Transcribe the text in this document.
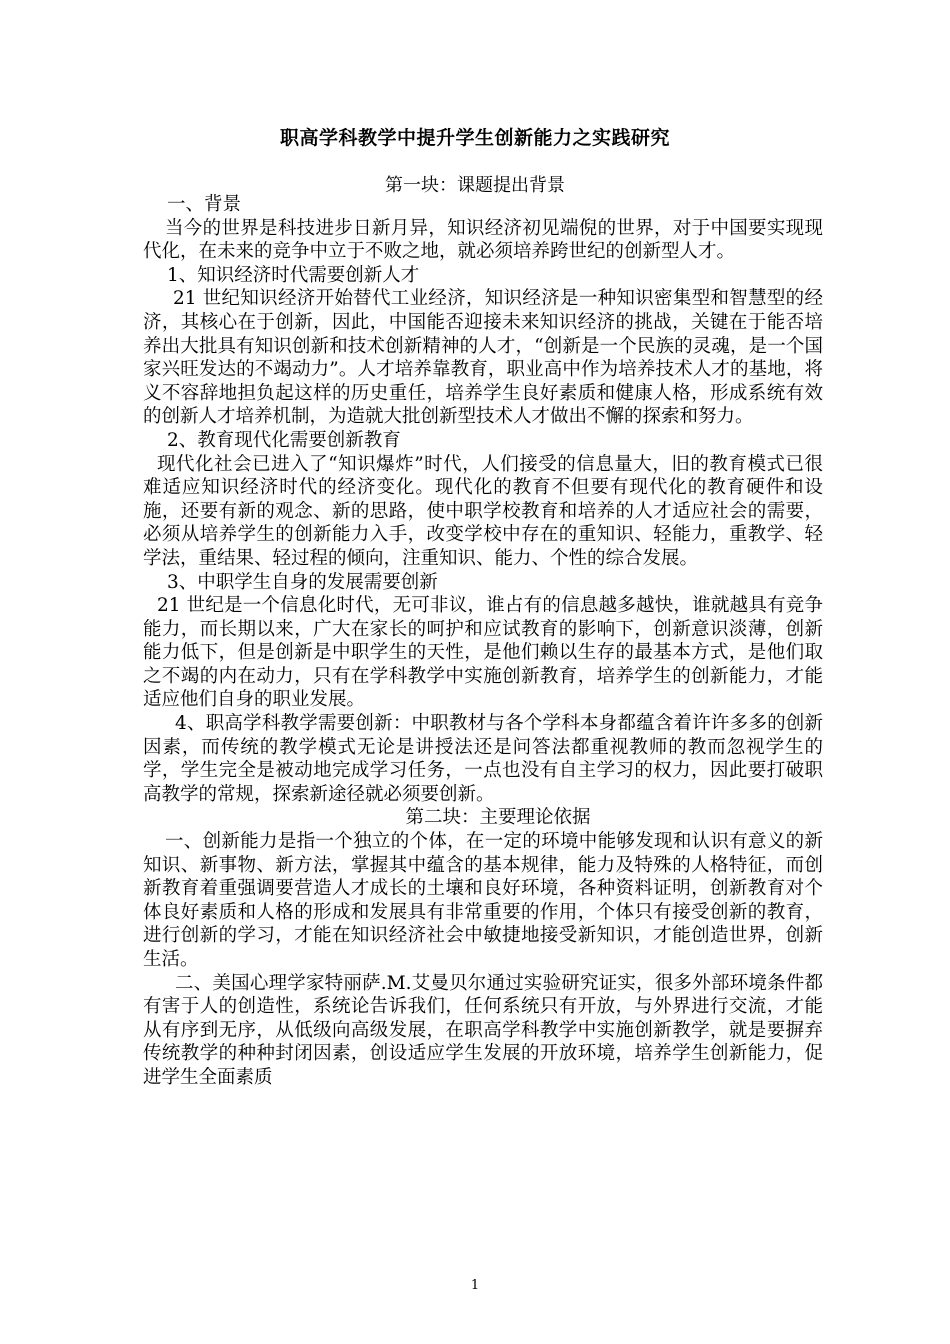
职高学科教学中提升学生创新能力之实践研究
第一块：课题提出背景

一、背景

当今的世界是科技进步日新月异，知识经济初见端倪的世界，对于中国要实现现代化，在未来的竞争中立于不败之地，就必须培养跨世纪的创新型人才。

1、知识经济时代需要创新人才

21 世纪知识经济开始替代工业经济，知识经济是一种知识密集型和智慧型的经济，其核心在于创新，因此，中国能否迎接未来知识经济的挑战，关键在于能否培养出大批具有知识创新和技术创新精神的人才，“创新是一个民族的灵魂，是一个国家兴旺发达的不竭动力”。人才培养靠教育，职业高中作为培养技术人才的基地，将义不容辞地担负起这样的历史重任，培养学生良好素质和健康人格，形成系统有效的创新人才培养机制，为造就大批创新型技术人才做出不懈的探索和努力。

2、教育现代化需要创新教育

现代化社会已进入了“知识爆炸”时代，人们接受的信息量大，旧的教育模式已很难适应知识经济时代的经济变化。现代化的教育不但要有现代化的教育硬件和设施，还要有新的观念、新的思路，使中职学校教育和培养的人才适应社会的需要，必须从培养学生的创新能力入手，改变学校中存在的重知识、轻能力，重教学、轻学法，重结果、轻过程的倾向，注重知识、能力、个性的综合发展。

3、中职学生自身的发展需要创新

21 世纪是一个信息化时代，无可非议，谁占有的信息越多越快，谁就越具有竞争能力，而长期以来，广大在家长的呵护和应试教育的影响下，创新意识淡薄，创新能力低下，但是创新是中职学生的天性，是他们赖以生存的最基本方式，是他们取之不竭的内在动力，只有在学科教学中实施创新教育，培养学生的创新能力，才能适应他们自身的职业发展。

4、职高学科教学需要创新：中职教材与各个学科本身都蕴含着许许多多的创新因素，而传统的教学模式无论是讲授法还是问答法都重视教师的教而忽视学生的学，学生完全是被动地完成学习任务，一点也没有自主学习的权力，因此要打破职高教学的常规，探索新途径就必须要创新。

第二块：主要理论依据

一、创新能力是指一个独立的个体，在一定的环境中能够发现和认识有意义的新知识、新事物、新方法，掌握其中蕴含的基本规律，能力及特殊的人格特征，而创新教育着重强调要营造人才成长的土壤和良好环境，各种资料证明，创新教育对个体良好素质和人格的形成和发展具有非常重要的作用，个体只有接受创新的教育，进行创新的学习，才能在知识经济社会中敏捷地接受新知识，才能创造世界，创新生活。

二、美国心理学家特丽萨.M.艾曼贝尔通过实验研究证实，很多外部环境条件都有害于人的创造性，系统论告诉我们，任何系统只有开放，与外界进行交流，才能从有序到无序，从低级向高级发展，在职高学科教学中实施创新教学，就是要摒弃传统教学的种种封闭因素，创设适应学生发展的开放环境，培养学生创新能力，促进学生全面素质

1
